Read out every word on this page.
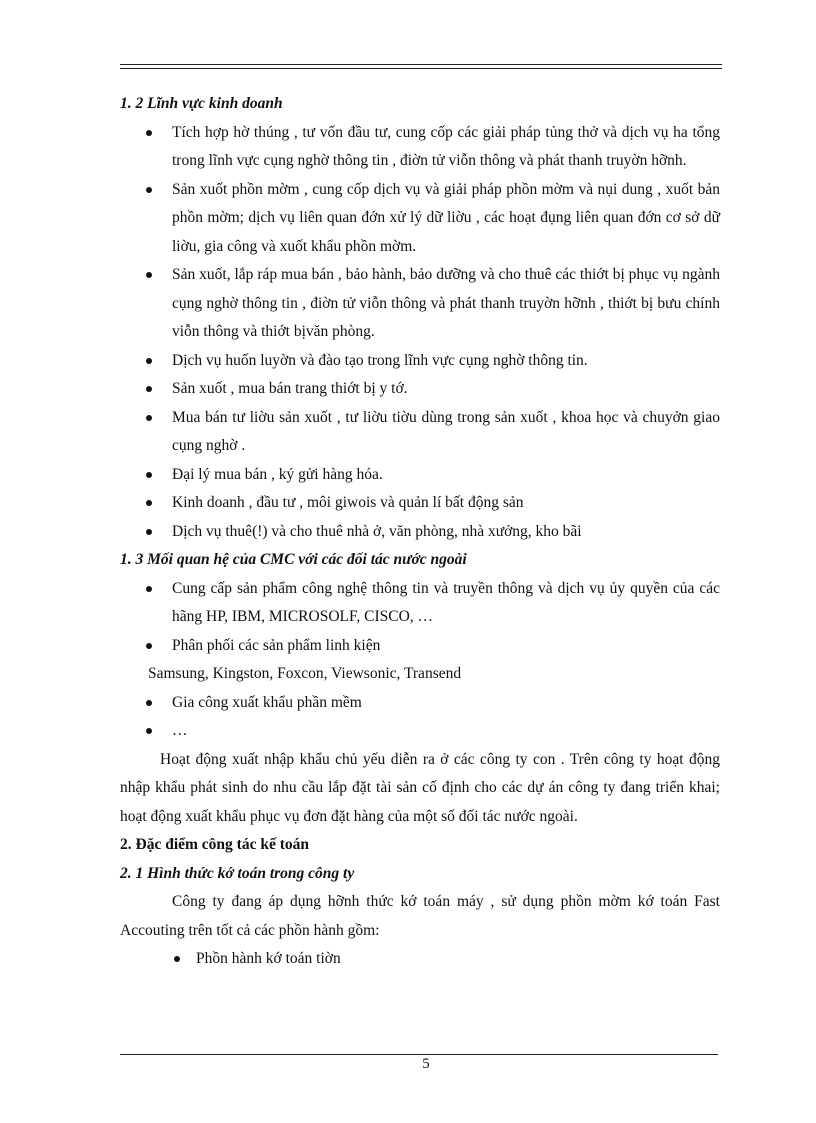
1. 2 Lĩnh vực kinh doanh

Tích hợp hờ thúng , tư vốn đầu tư, cung cốp các giải pháp tủng thở và dịch vụ ha tổng trong lĩnh vực cụng nghờ thông tin , điờn tử viỗn thông và phát thanh truyờn hỡnh.
Sản xuốt phồn mờm , cung cốp dịch vụ và giải pháp phồn mờm và nụi dung , xuốt bản phồn mờm; dịch vụ liên quan đớn xử lý dữ liờu , các hoạt đụng liên quan đớn cơ sở dữ liờu, gia công và xuốt khẩu phồn mờm.
Sản xuốt, lắp ráp mua bán , bảo hành, bảo dưỡng và cho thuê các thiớt bị phục vụ ngành cụng nghờ thông tin , điờn tử viỗn thông và phát thanh truyờn hỡnh , thiớt bị bưu chính viỗn thông và thiớt bịvăn phòng.
Dịch vụ huốn luyờn và đào tạo trong lĩnh vực cụng nghờ thông tin.
Sản xuốt , mua bán trang thiớt bị y tớ.
Mua bán tư liờu sản xuốt , tư liờu tiờu dùng trong sản xuốt , khoa học và chuyởn giao cụng nghờ .
Đại lý mua bán , ký gửi hàng hóa.
Kinh doanh , đầu tư , môi giwois và quản lí bất động sản
Dịch vụ thuê(!) và cho thuê nhà ở, văn phòng, nhà xưởng, kho bãi

1. 3 Mối quan hệ của CMC với các đối tác nước ngoài

Cung cấp sản phẩm công nghệ thông tin và truyền thông và dịch vụ ủy quyền của các hãng HP, IBM, MICROSOLF, CISCO, …
Phân phối các sản phẩm linh kiện

Samsung, Kingston, Foxcon, Viewsonic, Transend

Gia công xuất khẩu phần mềm
…

Hoạt động xuất nhập khẩu chủ yếu diễn ra ở các công ty con . Trên công ty hoạt động nhập khẩu phát sinh do nhu cầu lắp đặt tài sản cố định cho các dự án công ty đang triển khai; hoạt động xuất khẩu phục vụ đơn đặt hàng của một số đối tác nước ngoài.

2. Đặc điểm công tác kế toán

2. 1 Hình thức kớ toán trong công ty

Công ty đang áp dụng hỡnh thức kớ toán máy , sử dụng phồn mờm kớ toán Fast Accouting trên tốt cả các phồn hành gồm:

Phồn hành kớ toán tiờn
5
